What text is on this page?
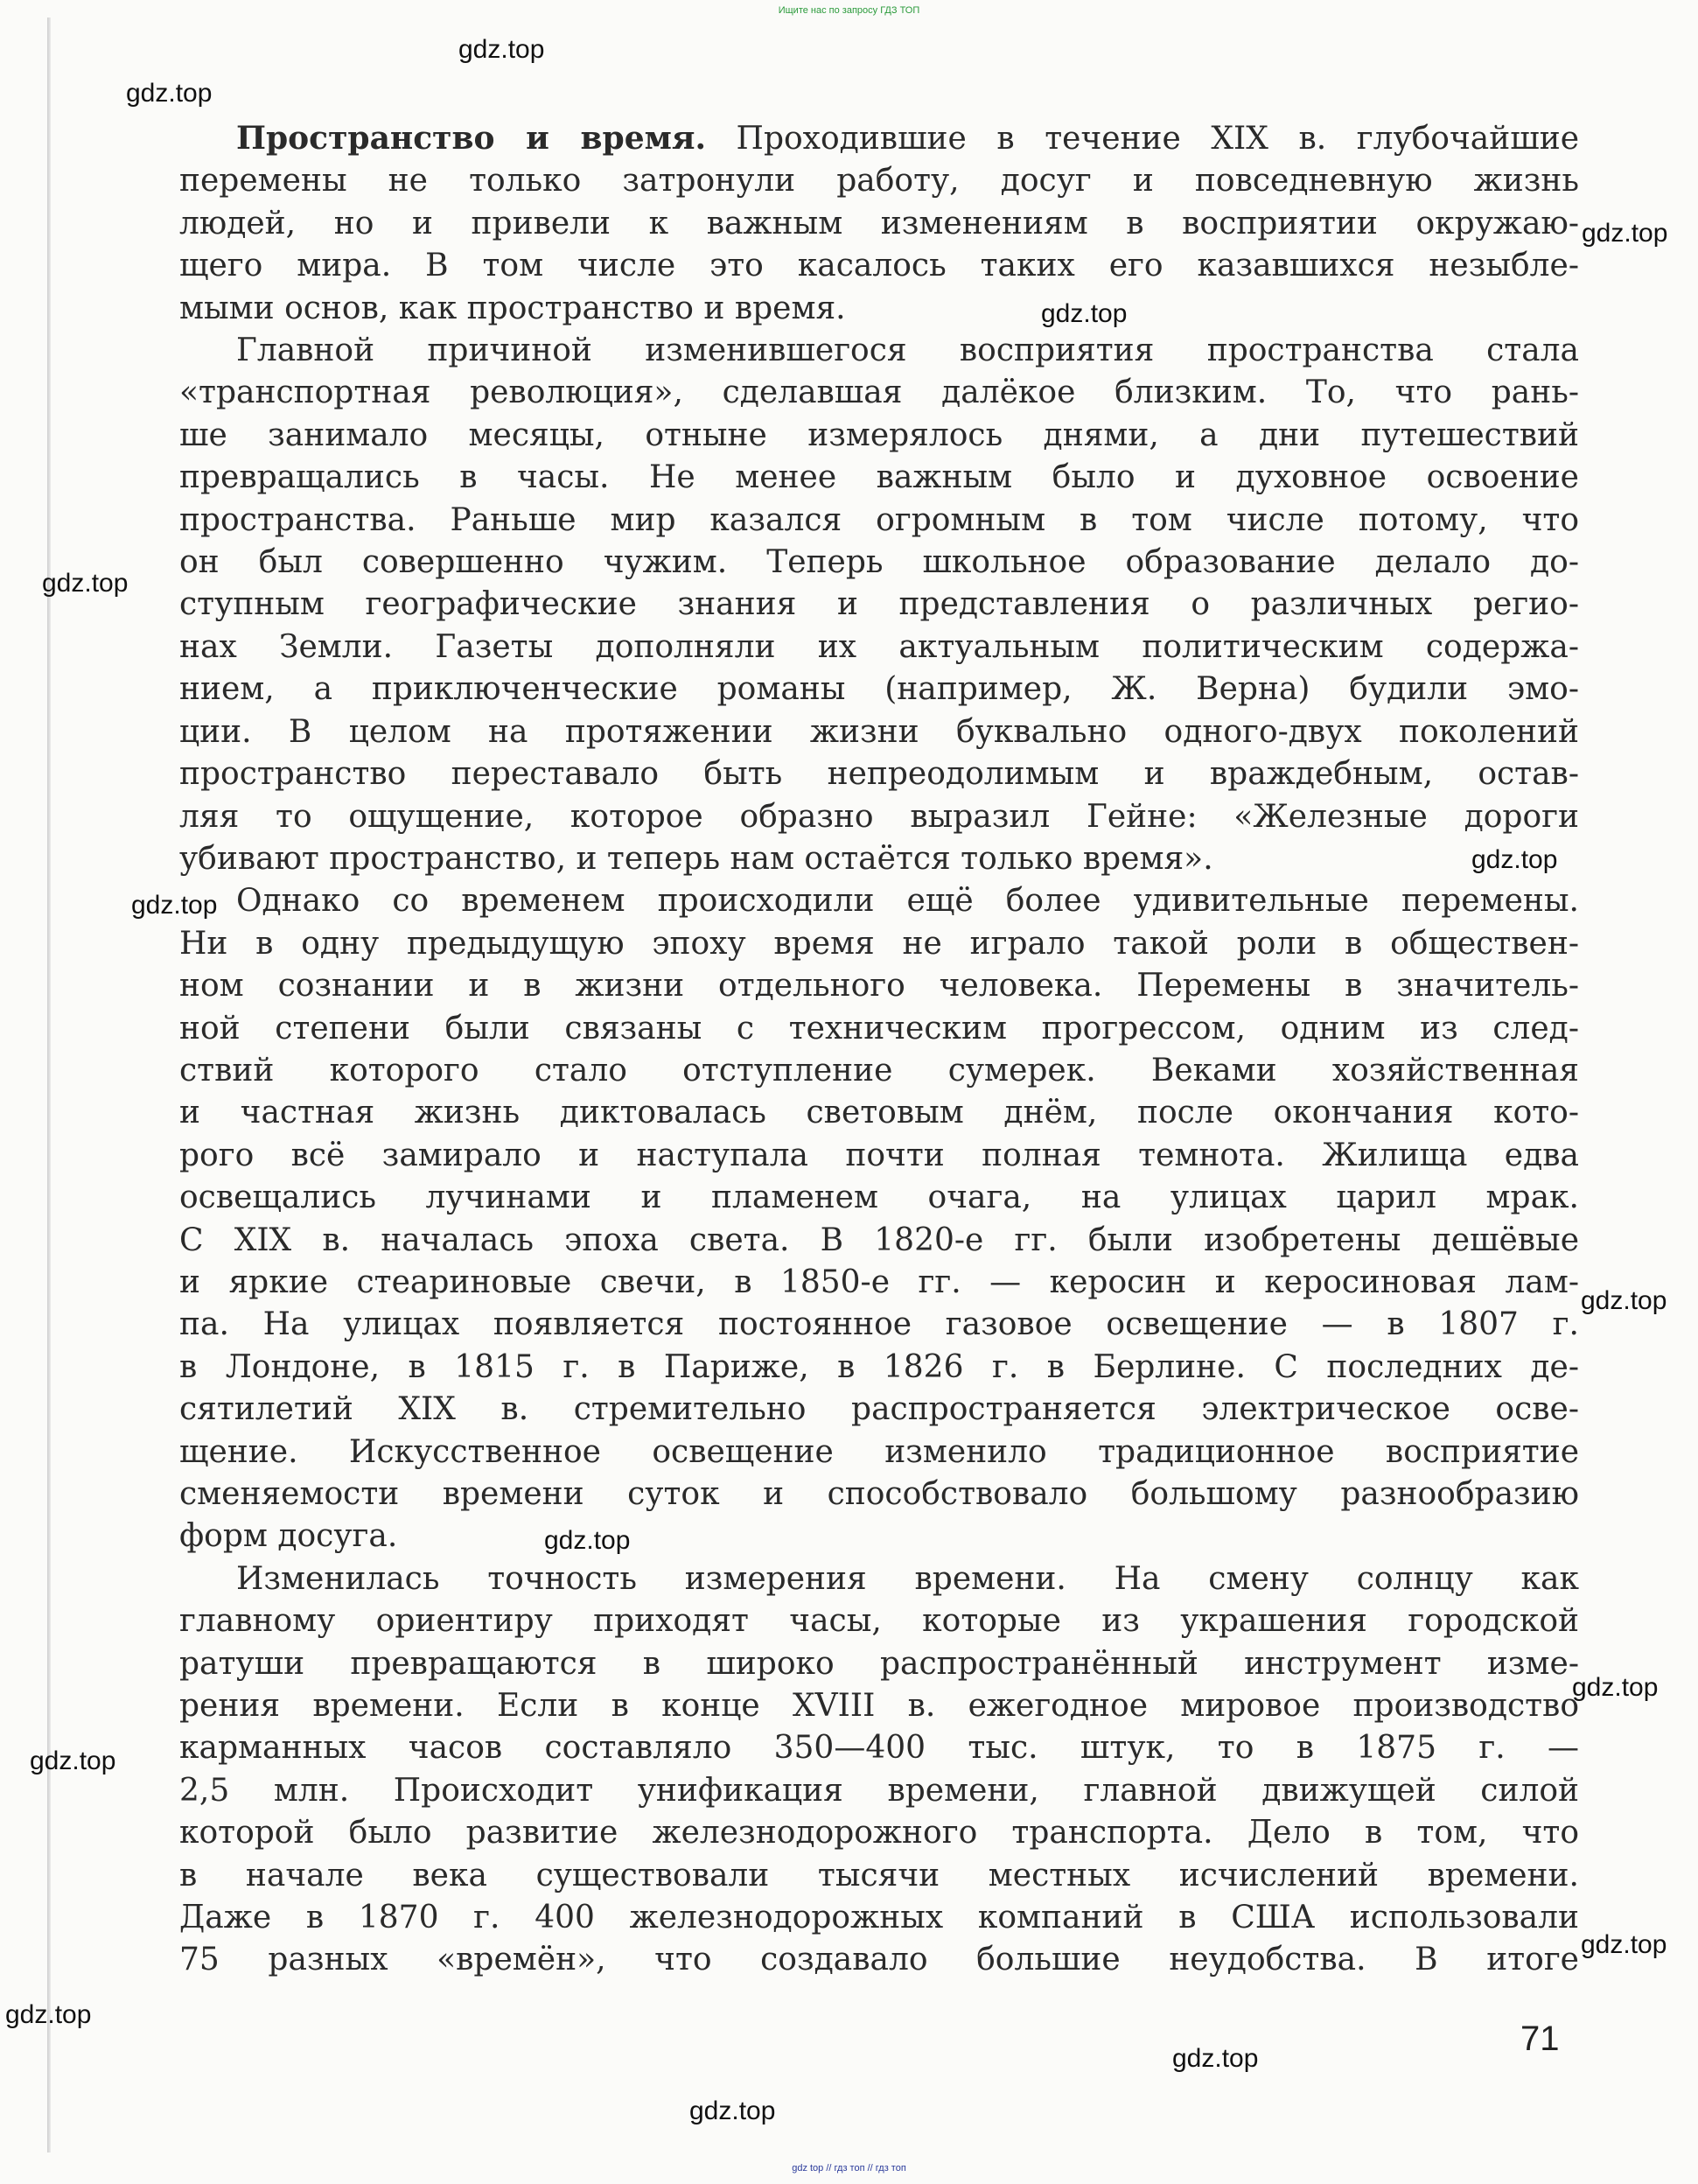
Ищите нас по запросу ГДЗ ТОП

Пространство и время. Проходившие в течение XIX в. глубочайшие
перемены не только затронули работу, досуг и повседневную жизнь
людей, но и привели к важным изменениям в восприятии окружаю-
щего мира. В том числе это касалось таких его казавшихся незыбле-
мыми основ, как пространство и время.

Главной причиной изменившегося восприятия пространства стала
«транспортная революция», сделавшая далёкое близким. То, что рань-
ше занимало месяцы, отныне измерялось днями, а дни путешествий
превращались в часы. Не менее важным было и духовное освоение
пространства. Раньше мир казался огромным в том числе потому, что
он был совершенно чужим. Теперь школьное образование делало до-
ступным географические знания и представления о различных регио-
нах Земли. Газеты дополняли их актуальным политическим содержа-
нием, а приключенческие романы (например, Ж. Верна) будили эмо-
ции. В целом на протяжении жизни буквально одного-двух поколений
пространство переставало быть непреодолимым и враждебным, остав-
ляя то ощущение, которое образно выразил Гейне: «Железные дороги
убивают пространство, и теперь нам остаётся только время».

Однако со временем происходили ещё более удивительные перемены.
Ни в одну предыдущую эпоху время не играло такой роли в обществен-
ном сознании и в жизни отдельного человека. Перемены в значитель-
ной степени были связаны с техническим прогрессом, одним из след-
ствий которого стало отступление сумерек. Веками хозяйственная
и частная жизнь диктовалась световым днём, после окончания кото-
рого всё замирало и наступала почти полная темнота. Жилища едва
освещались лучинами и пламенем очага, на улицах царил мрак.
С XIX в. началась эпоха света. В 1820-е гг. были изобретены дешёвые
и яркие стеариновые свечи, в 1850-е гг. — керосин и керосиновая лам-
па. На улицах появляется постоянное газовое освещение — в 1807 г.
в Лондоне, в 1815 г. в Париже, в 1826 г. в Берлине. С последних де-
сятилетий XIX в. стремительно распространяется электрическое осве-
щение. Искусственное освещение изменило традиционное восприятие
сменяемости времени суток и способствовало большому разнообразию
форм досуга.

Изменилась точность измерения времени. На смену солнцу как
главному ориентиру приходят часы, которые из украшения городской
ратуши превращаются в широко распространённый инструмент изме-
рения времени. Если в конце XVIII в. ежегодное мировое производство
карманных часов составляло 350—400 тыс. штук, то в 1875 г. —
2,5 млн. Происходит унификация времени, главной движущей силой
которой было развитие железнодорожного транспорта. Дело в том, что
в начале века существовали тысячи местных исчислений времени.
Даже в 1870 г. 400 железнодорожных компаний в США использовали
75 разных «времён», что создавало большие неудобства. В итоге

71
gdz.top
gdz.top
gdz.top
gdz.top
gdz.top
gdz.top
gdz.top
gdz.top
gdz.top
gdz.top
gdz.top
gdz.top
gdz.top
gdz.top
gdz.top
gdz top // гдз топ // гдз топ
